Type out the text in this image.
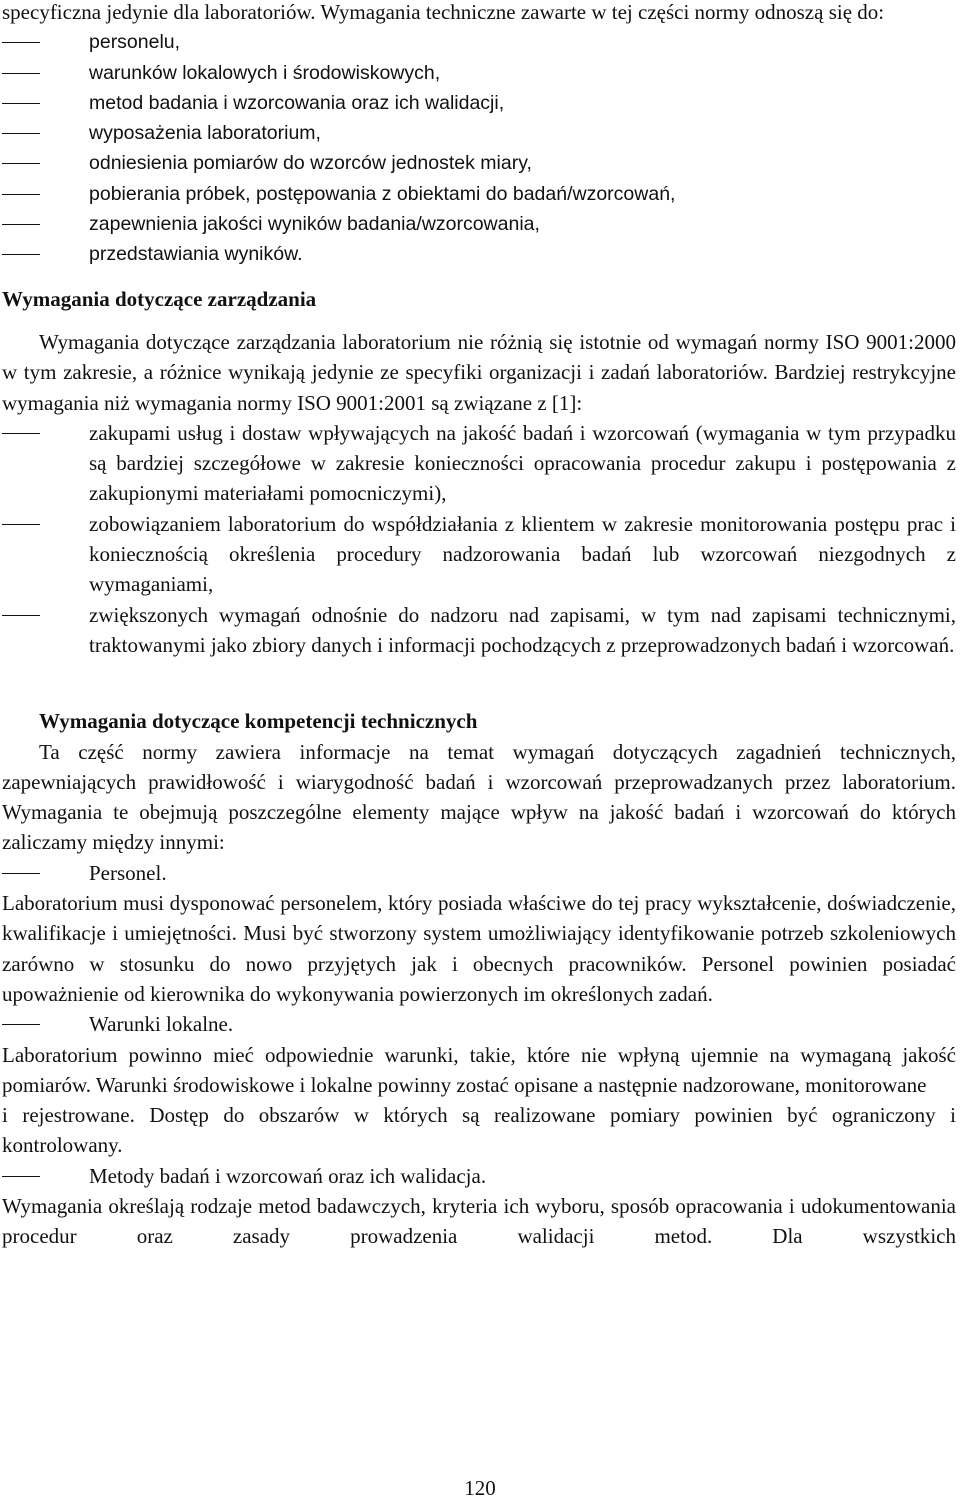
specyficzna jedynie dla laboratoriów. Wymagania techniczne zawarte w tej części normy odnoszą się do:

personelu,
warunków lokalowych i środowiskowych,
metod badania i wzorcowania oraz ich walidacji,
wyposażenia laboratorium,
odniesienia pomiarów do wzorców jednostek miary,
pobierania próbek, postępowania z obiektami do badań/wzorcowań,
zapewnienia jakości wyników badania/wzorcowania,
przedstawiania wyników.

Wymagania dotyczące zarządzania

Wymagania dotyczące zarządzania laboratorium nie różnią się istotnie od wymagań normy ISO 9001:2000 w tym zakresie, a różnice wynikają jedynie ze specyfiki organizacji i zadań laboratoriów. Bardziej restrykcyjne wymagania niż wymagania normy ISO 9001:2001 są związane z [1]:

zakupami usług i dostaw wpływających na jakość badań i wzorcowań (wymagania w tym przypadku są bardziej szczegółowe w zakresie konieczności opracowania procedur zakupu i postępowania z zakupionymi materiałami pomocniczymi),
zobowiązaniem laboratorium do współdziałania z klientem w zakresie monitorowania postępu prac i koniecznością określenia procedury nadzorowania badań lub wzorcowań niezgodnych z wymaganiami,
zwiększonych wymagań odnośnie do nadzoru nad zapisami, w tym nad zapisami technicznymi, traktowanymi jako zbiory danych i informacji pochodzących z przeprowadzonych badań i wzorcowań.

Wymagania dotyczące kompetencji technicznych

Ta część normy zawiera informacje na temat wymagań dotyczących zagadnień technicznych, zapewniających prawidłowość i wiarygodność badań i wzorcowań przeprowadzanych przez laboratorium. Wymagania te obejmują poszczególne elementy mające wpływ na jakość badań i wzorcowań do których zaliczamy między innymi:

Personel.

Laboratorium musi dysponować personelem, który posiada właściwe do tej pracy wykształcenie, doświadczenie, kwalifikacje i umiejętności. Musi być stworzony system umożliwiający identyfikowanie potrzeb szkoleniowych zarówno w stosunku do nowo przyjętych jak i obecnych pracowników. Personel powinien posiadać upoważnienie od kierownika do wykonywania powierzonych im określonych zadań.

Warunki lokalne.

Laboratorium powinno mieć odpowiednie warunki, takie, które nie wpłyną ujemnie na wymaganą jakość pomiarów. Warunki środowiskowe i lokalne powinny zostać opisane a następnie nadzorowane, monitorowane

i rejestrowane. Dostęp do obszarów w których są realizowane pomiary powinien być ograniczony i kontrolowany.

Metody badań i wzorcowań oraz ich walidacja.

Wymagania określają rodzaje metod badawczych, kryteria ich wyboru, sposób opracowania i udokumentowania procedur oraz zasady prowadzenia walidacji metod. Dla wszystkich

120
